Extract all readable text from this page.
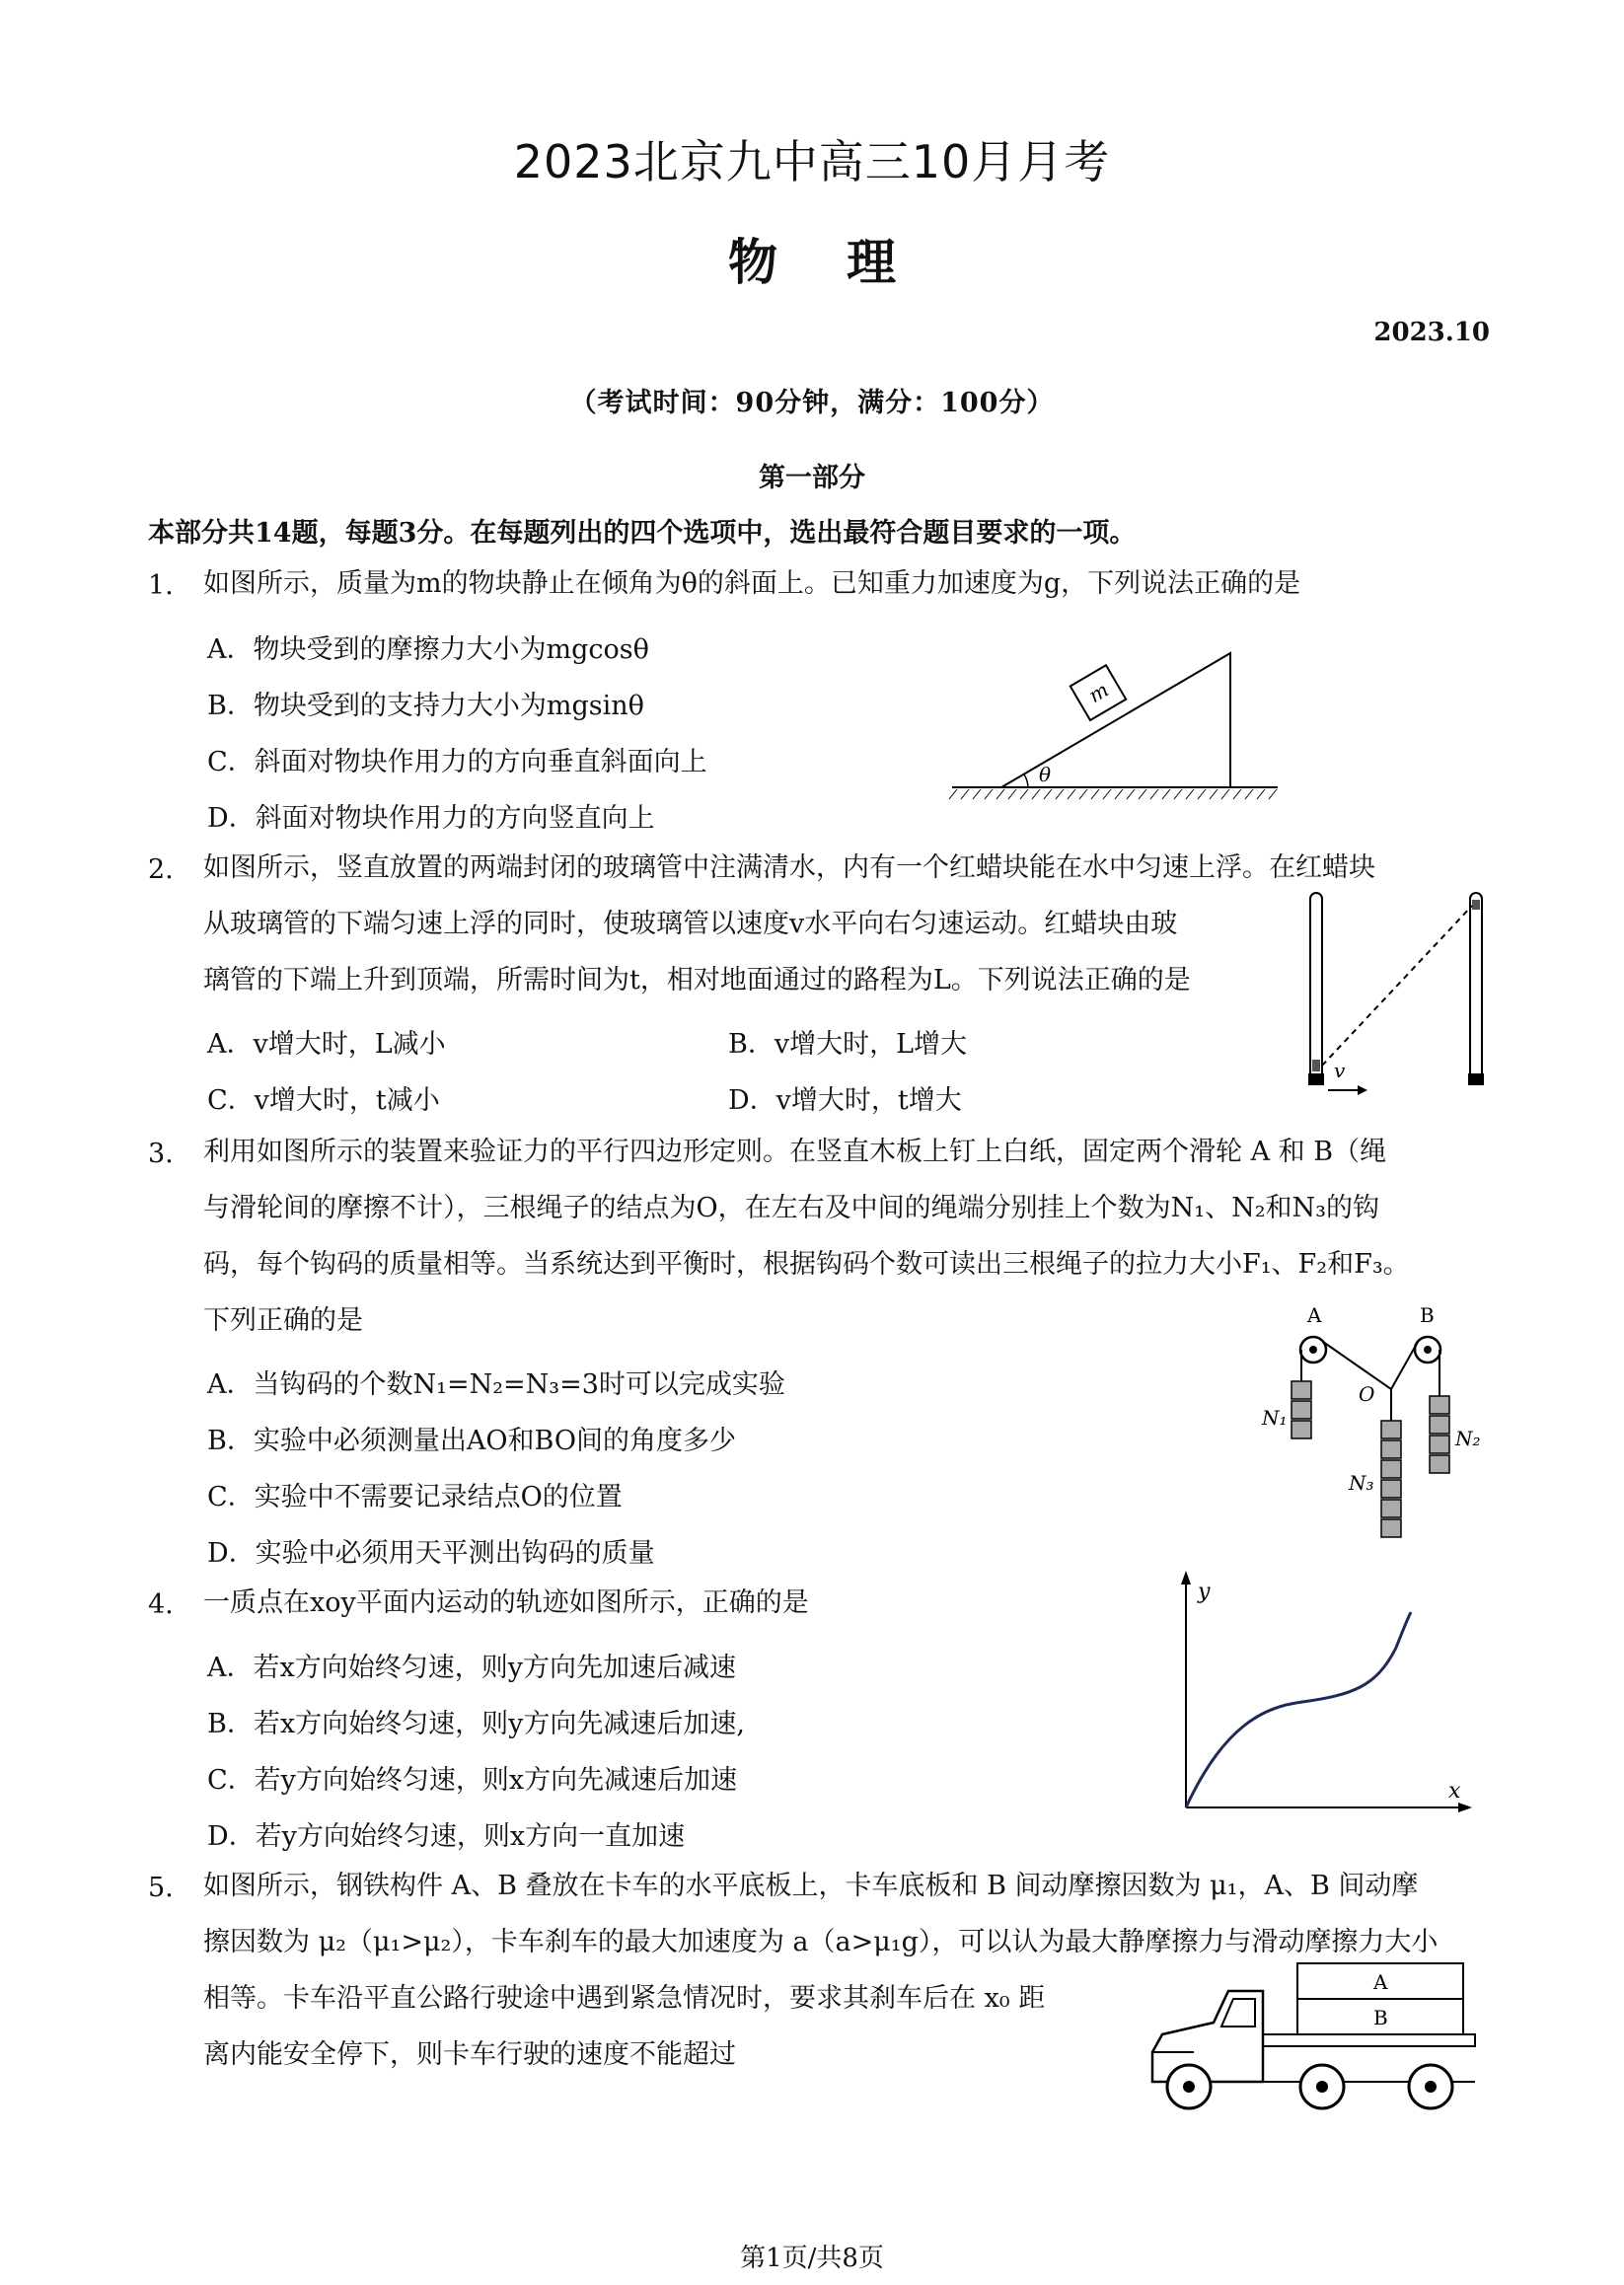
2023北京九中高三10月月考
物理
2023.10
（考试时间：90分钟，满分：100分）
第一部分
本部分共14题，每题3分。在每题列出的四个选项中，选出最符合题目要求的一项。
1. 如图所示，质量为m的物块静止在倾角为θ的斜面上。已知重力加速度为g，下列说法正确的是
A．物块受到的摩擦力大小为mgcosθ
B．物块受到的支持力大小为mgsinθ
C．斜面对物块作用力的方向垂直斜面向上
D．斜面对物块作用力的方向竖直向上
θ
m
2. 如图所示，竖直放置的两端封闭的玻璃管中注满清水，内有一个红蜡块能在水中匀速上浮。在红蜡块
从玻璃管的下端匀速上浮的同时，使玻璃管以速度v水平向右匀速运动。红蜡块由玻
璃管的下端上升到顶端，所需时间为t，相对地面通过的路程为L。下列说法正确的是
A．v增大时，L减小	B．v增大时，L增大
C．v增大时，t减小	D．v增大时，t增大
v
3. 利用如图所示的装置来验证力的平行四边形定则。在竖直木板上钉上白纸，固定两个滑轮 A 和 B（绳
与滑轮间的摩擦不计），三根绳子的结点为O，在左右及中间的绳端分别挂上个数为N₁、N₂和N₃的钩
码，每个钩码的质量相等。当系统达到平衡时，根据钩码个数可读出三根绳子的拉力大小F₁、F₂和F₃。
下列正确的是
A．当钩码的个数N₁=N₂=N₃=3时可以完成实验
B．实验中必须测量出AO和BO间的角度多少
C．实验中不需要记录结点O的位置
D．实验中必须用天平测出钩码的质量
A	B
O
N₁
N₂
N₃
4. 一质点在xoy平面内运动的轨迹如图所示，正确的是
A．若x方向始终匀速，则y方向先加速后减速
B．若x方向始终匀速，则y方向先减速后加速,
C．若y方向始终匀速，则x方向先减速后加速
D．若y方向始终匀速，则x方向一直加速
y
x
5. 如图所示，钢铁构件 A、B 叠放在卡车的水平底板上，卡车底板和 B 间动摩擦因数为 μ₁，A、B 间动摩
擦因数为 μ₂（μ₁>μ₂），卡车刹车的最大加速度为 a（a>μ₁g），可以认为最大静摩擦力与滑动摩擦力大小
相等。卡车沿平直公路行驶途中遇到紧急情况时，要求其刹车后在 x₀ 距
离内能安全停下，则卡车行驶的速度不能超过
A
B
第1页/共8页
